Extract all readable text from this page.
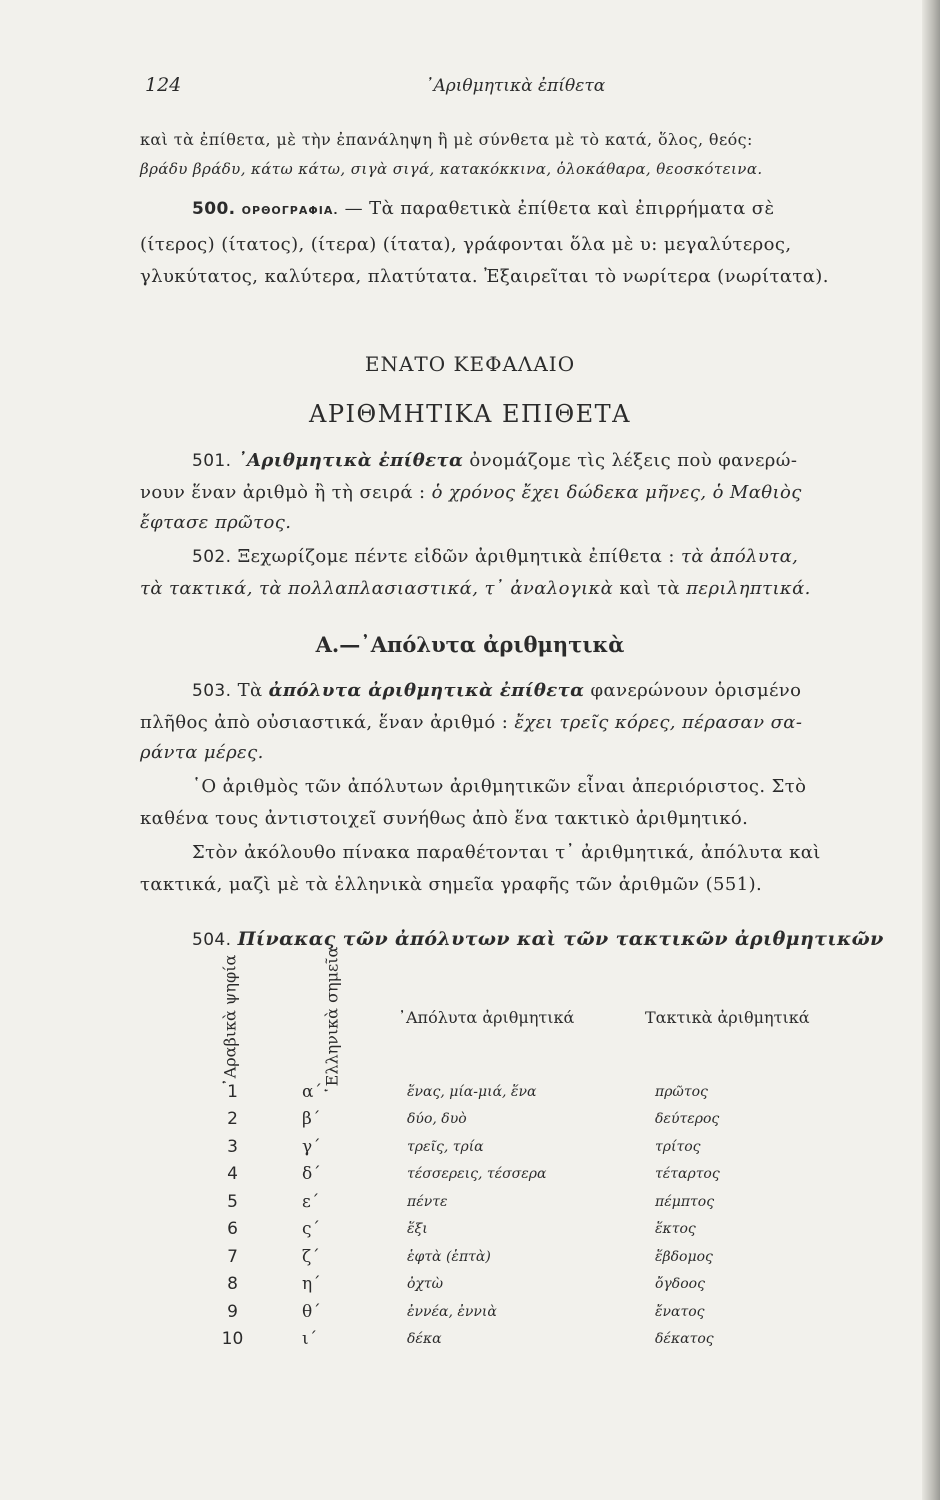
124	᾿Αριθμητικὰ ἐπίθετα
καὶ τὰ ἐπίθετα, μὲ τὴν ἐπανάληψη ἢ μὲ σύνθετα μὲ τὸ κατά, ὅλος, θεός:
βράδυ βράδυ, κάτω κάτω, σιγὰ σιγά, κατακόκκινα, ὁλοκάθαρα, θεοσκότεινα.
500. ΟΡΘΟΓΡΑΦΙΑ. — Τὰ παραθετικὰ ἐπίθετα καὶ ἐπιρρήματα σὲ
(ίτερος) (ίτατος), (ίτερα) (ίτατα), γράφονται ὅλα μὲ υ: μεγαλύτερος,
γλυκύτατος, καλύτερα, πλατύτατα. Ἐξαιρεῖται τὸ νωρίτερα (νωρίτατα).
ΕΝΑΤΟ ΚΕΦΑΛΑΙΟ
ΑΡΙΘΜΗΤΙΚΑ ΕΠΙΘΕΤΑ
501. ᾿Αριθμητικὰ ἐπίθετα ὀνομάζομε τὶς λέξεις ποὺ φανερώ-
νουν ἕναν ἀριθμὸ ἢ τὴ σειρά : ὁ χρόνος ἔχει δώδεκα μῆνες, ὁ Μαθιὸς
ἔφτασε πρῶτος.
502. Ξεχωρίζομε πέντε εἰδῶν ἀριθμητικὰ ἐπίθετα : τὰ ἀπόλυτα,
τὰ τακτικά, τὰ πολλαπλασιαστικά, τ᾿ ἀναλογικὰ καὶ τὰ περιληπτικά.
Α.—᾿Απόλυτα ἀριθμητικὰ
503. Τὰ ἀπόλυτα ἀριθμητικὰ ἐπίθετα φανερώνουν ὁρισμένο
πλῆθος ἀπὸ οὐσιαστικά, ἕναν ἀριθμό : ἔχει τρεῖς κόρες, πέρασαν σα-
ράντα μέρες.
῾Ο ἀριθμὸς τῶν ἀπόλυτων ἀριθμητικῶν εἶναι ἀπεριόριστος. Στὸ
καθένα τους ἀντιστοιχεῖ συνήθως ἀπὸ ἕνα τακτικὸ ἀριθμητικό.
Στὸν ἀκόλουθο πίνακα παραθέτονται τ᾿ ἀριθμητικά, ἀπόλυτα καὶ
τακτικά, μαζὶ μὲ τὰ ἑλληνικὰ σημεῖα γραφῆς τῶν ἀριθμῶν (551).
504. Πίνακας τῶν ἀπόλυτων καὶ τῶν τακτικῶν ἀριθμητικῶν
᾿Αραβικὰ ψηφία	῾Ελληνικὰ σημεῖα	᾿Απόλυτα ἀριθμητικά	Τακτικὰ ἀριθμητικά
1	α΄	ἕνας, μία-μιά, ἕνα	πρῶτος
2	β΄	δύο, δυὸ	δεύτερος
3	γ΄	τρεῖς, τρία	τρίτος
4	δ΄	τέσσερεις, τέσσερα	τέταρτος
5	ε΄	πέντε	πέμπτος
6	ς΄	ἕξι	ἕκτος
7	ζ΄	ἑφτὰ (ἑπτὰ)	ἕβδομος
8	η΄	ὀχτὼ	ὄγδοος
9	θ΄	ἐννέα, ἐννιὰ	ἔνατος
10	ι΄	δέκα	δέκατος
